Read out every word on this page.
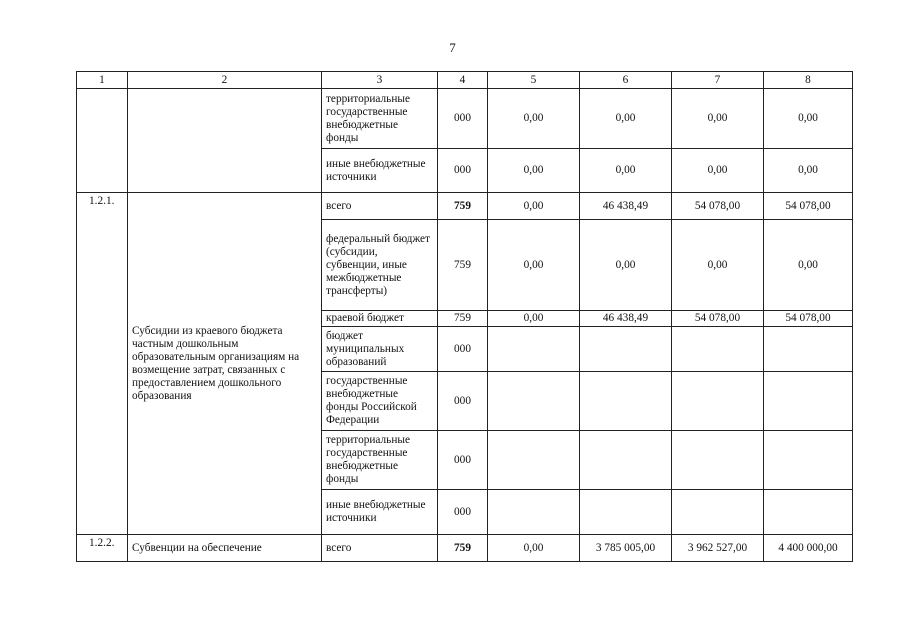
7
1	2	3	4	5	6	7	8
		территориальные государственные внебюджетные фонды	000	0,00	0,00	0,00	0,00
		иные внебюджетные источники	000	0,00	0,00	0,00	0,00
1.2.1.	Субсидии из краевого бюджета частным дошкольным образовательным организациям на возмещение затрат, связанных с предоставлением дошкольного образования	всего	759	0,00	46 438,49	54 078,00	54 078,00
		федеральный бюджет (субсидии, субвенции, иные межбюджетные трансферты)	759	0,00	0,00	0,00	0,00
		краевой бюджет	759	0,00	46 438,49	54 078,00	54 078,00
		бюджет муниципальных образований	000				
		государственные внебюджетные фонды Российской Федерации	000				
		территориальные государственные внебюджетные фонды	000				
		иные внебюджетные источники	000				
1.2.2.	Субвенции на обеспечение	всего	759	0,00	3 785 005,00	3 962 527,00	4 400 000,00
